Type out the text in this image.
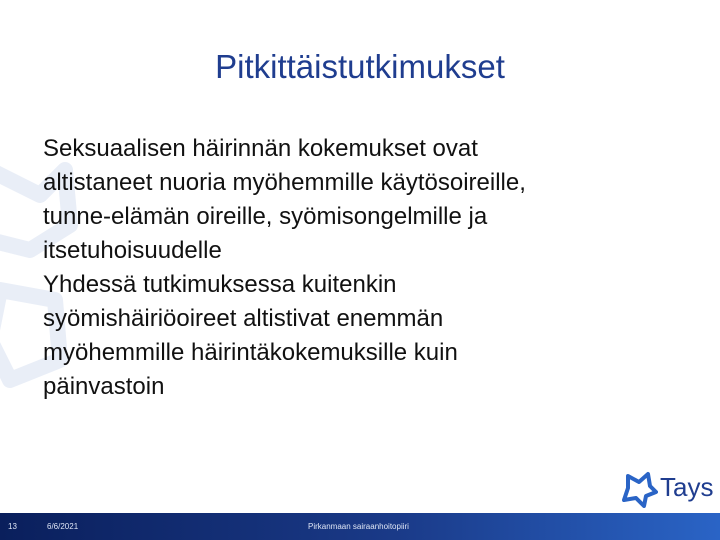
Pitkittäistutkimukset

Seksuaalisen häirinnän kokemukset ovat
altistaneet nuoria myöhemmille käytösoireille,
tunne-elämän oireille, syömisongelmille ja
itsetuhoisuudelle

Yhdessä tutkimuksessa kuitenkin
syömishäiriöoireet altistivat enemmän
myöhemmille häirintäkokemuksille kuin
päinvastoin

Tays
13	6/6/2021	Pirkanmaan sairaanhoitopiiri
